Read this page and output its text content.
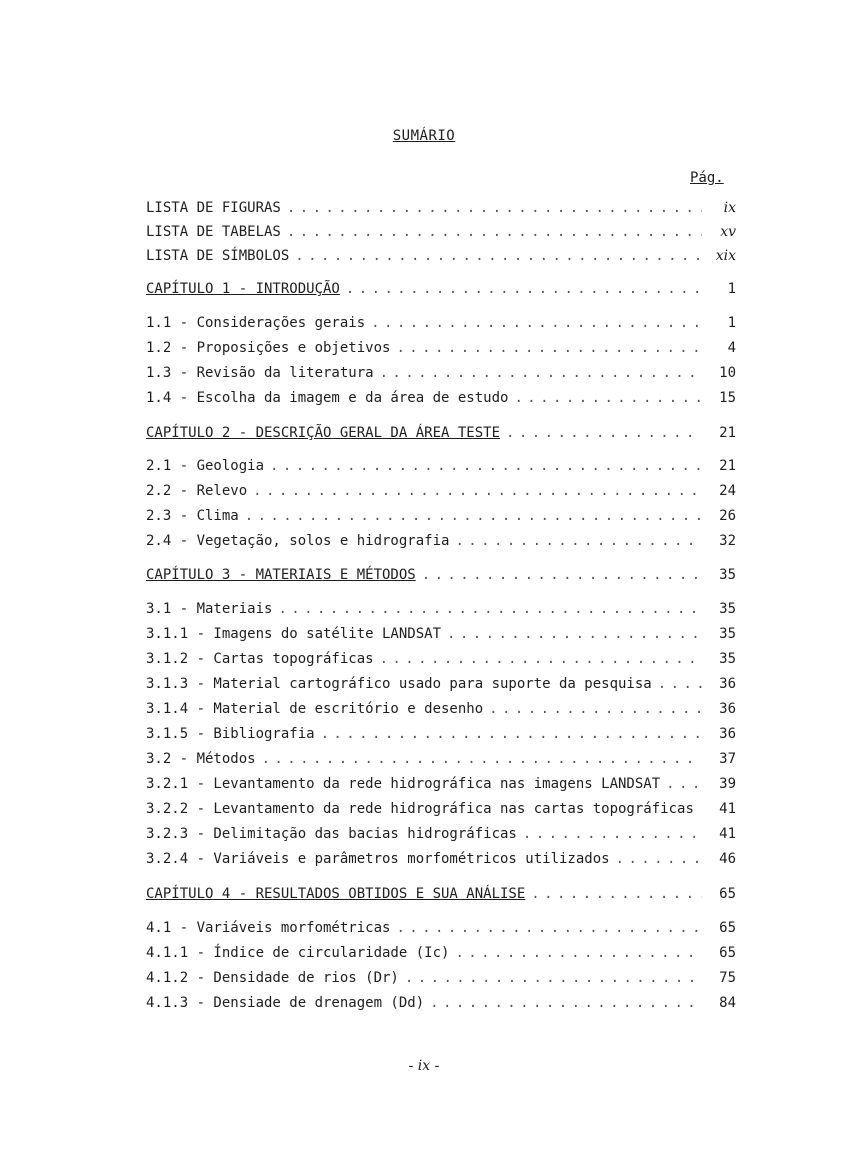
SUMÁRIO
Pág.
LISTA DE FIGURAS . . .	ix
LISTA DE TABELAS . . .	xv
LISTA DE SÍMBOLOS . . .	xix
CAPÍTULO 1 - INTRODUÇÃO . . .	1
1.1 - Considerações gerais . . .	1
1.2 - Proposições e objetivos . . .	4
1.3 - Revisão da literatura . . .	10
1.4 - Escolha da imagem e da área de estudo . . .	15
CAPÍTULO 2 - DESCRIÇÃO GERAL DA ÁREA TESTE . . .	21
2.1 - Geologia . . .	21
2.2 - Relevo . . .	24
2.3 - Clima . . .	26
2.4 - Vegetação, solos e hidrografia . . .	32
CAPÍTULO 3 - MATERIAIS E MÉTODOS . . .	35
3.1 - Materiais . . .	35
3.1.1 - Imagens do satélite LANDSAT . . .	35
3.1.2 - Cartas topográficas . . .	35
3.1.3 - Material cartográfico usado para suporte da pesquisa . . .	36
3.1.4 - Material de escritório e desenho . . .	36
3.1.5 - Bibliografia . . .	36
3.2 - Métodos . . .	37
3.2.1 - Levantamento da rede hidrográfica nas imagens LANDSAT . . .	39
3.2.2 - Levantamento da rede hidrográfica nas cartas topográficas . . .	41
3.2.3 - Delimitação das bacias hidrográficas . . .	41
3.2.4 - Variáveis e parâmetros morfométricos utilizados . . .	46
CAPÍTULO 4 - RESULTADOS OBTIDOS E SUA ANÁLISE . . .	65
4.1 - Variáveis morfométricas . . .	65
4.1.1 - Índice de circularidade (Ic) . . .	65
4.1.2 - Densidade de rios (Dr) . . .	75
4.1.3 - Densiade de drenagem (Dd) . . .	84
- ix -
